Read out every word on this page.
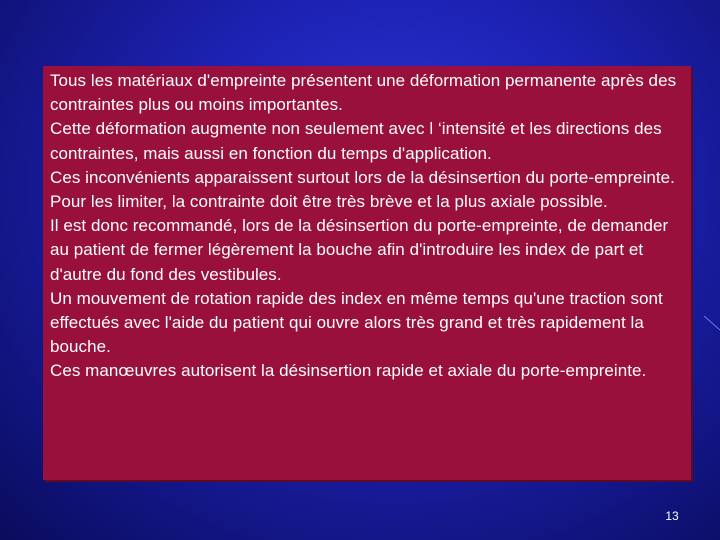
Tous les matériaux d'empreinte présentent une déformation permanente après des contraintes plus ou moins importantes.

Cette déformation augmente non seulement avec l ‘intensité et les directions des contraintes, mais aussi en fonction du temps d'application.

Ces inconvénients apparaissent surtout lors de la désinsertion du porte-empreinte.

Pour les limiter, la contrainte doit être très brève et la plus axiale possible.

Il est donc recommandé, lors de la désinsertion du porte-empreinte, de demander au patient de fermer légèrement la bouche afin d'introduire les index de part et d'autre du fond des vestibules.

Un mouvement de rotation rapide des index en même temps qu'une traction sont effectués avec l'aide du patient qui ouvre alors très grand et très rapidement la bouche.

Ces manœuvres autorisent la désinsertion rapide et axiale du porte-empreinte.

13
